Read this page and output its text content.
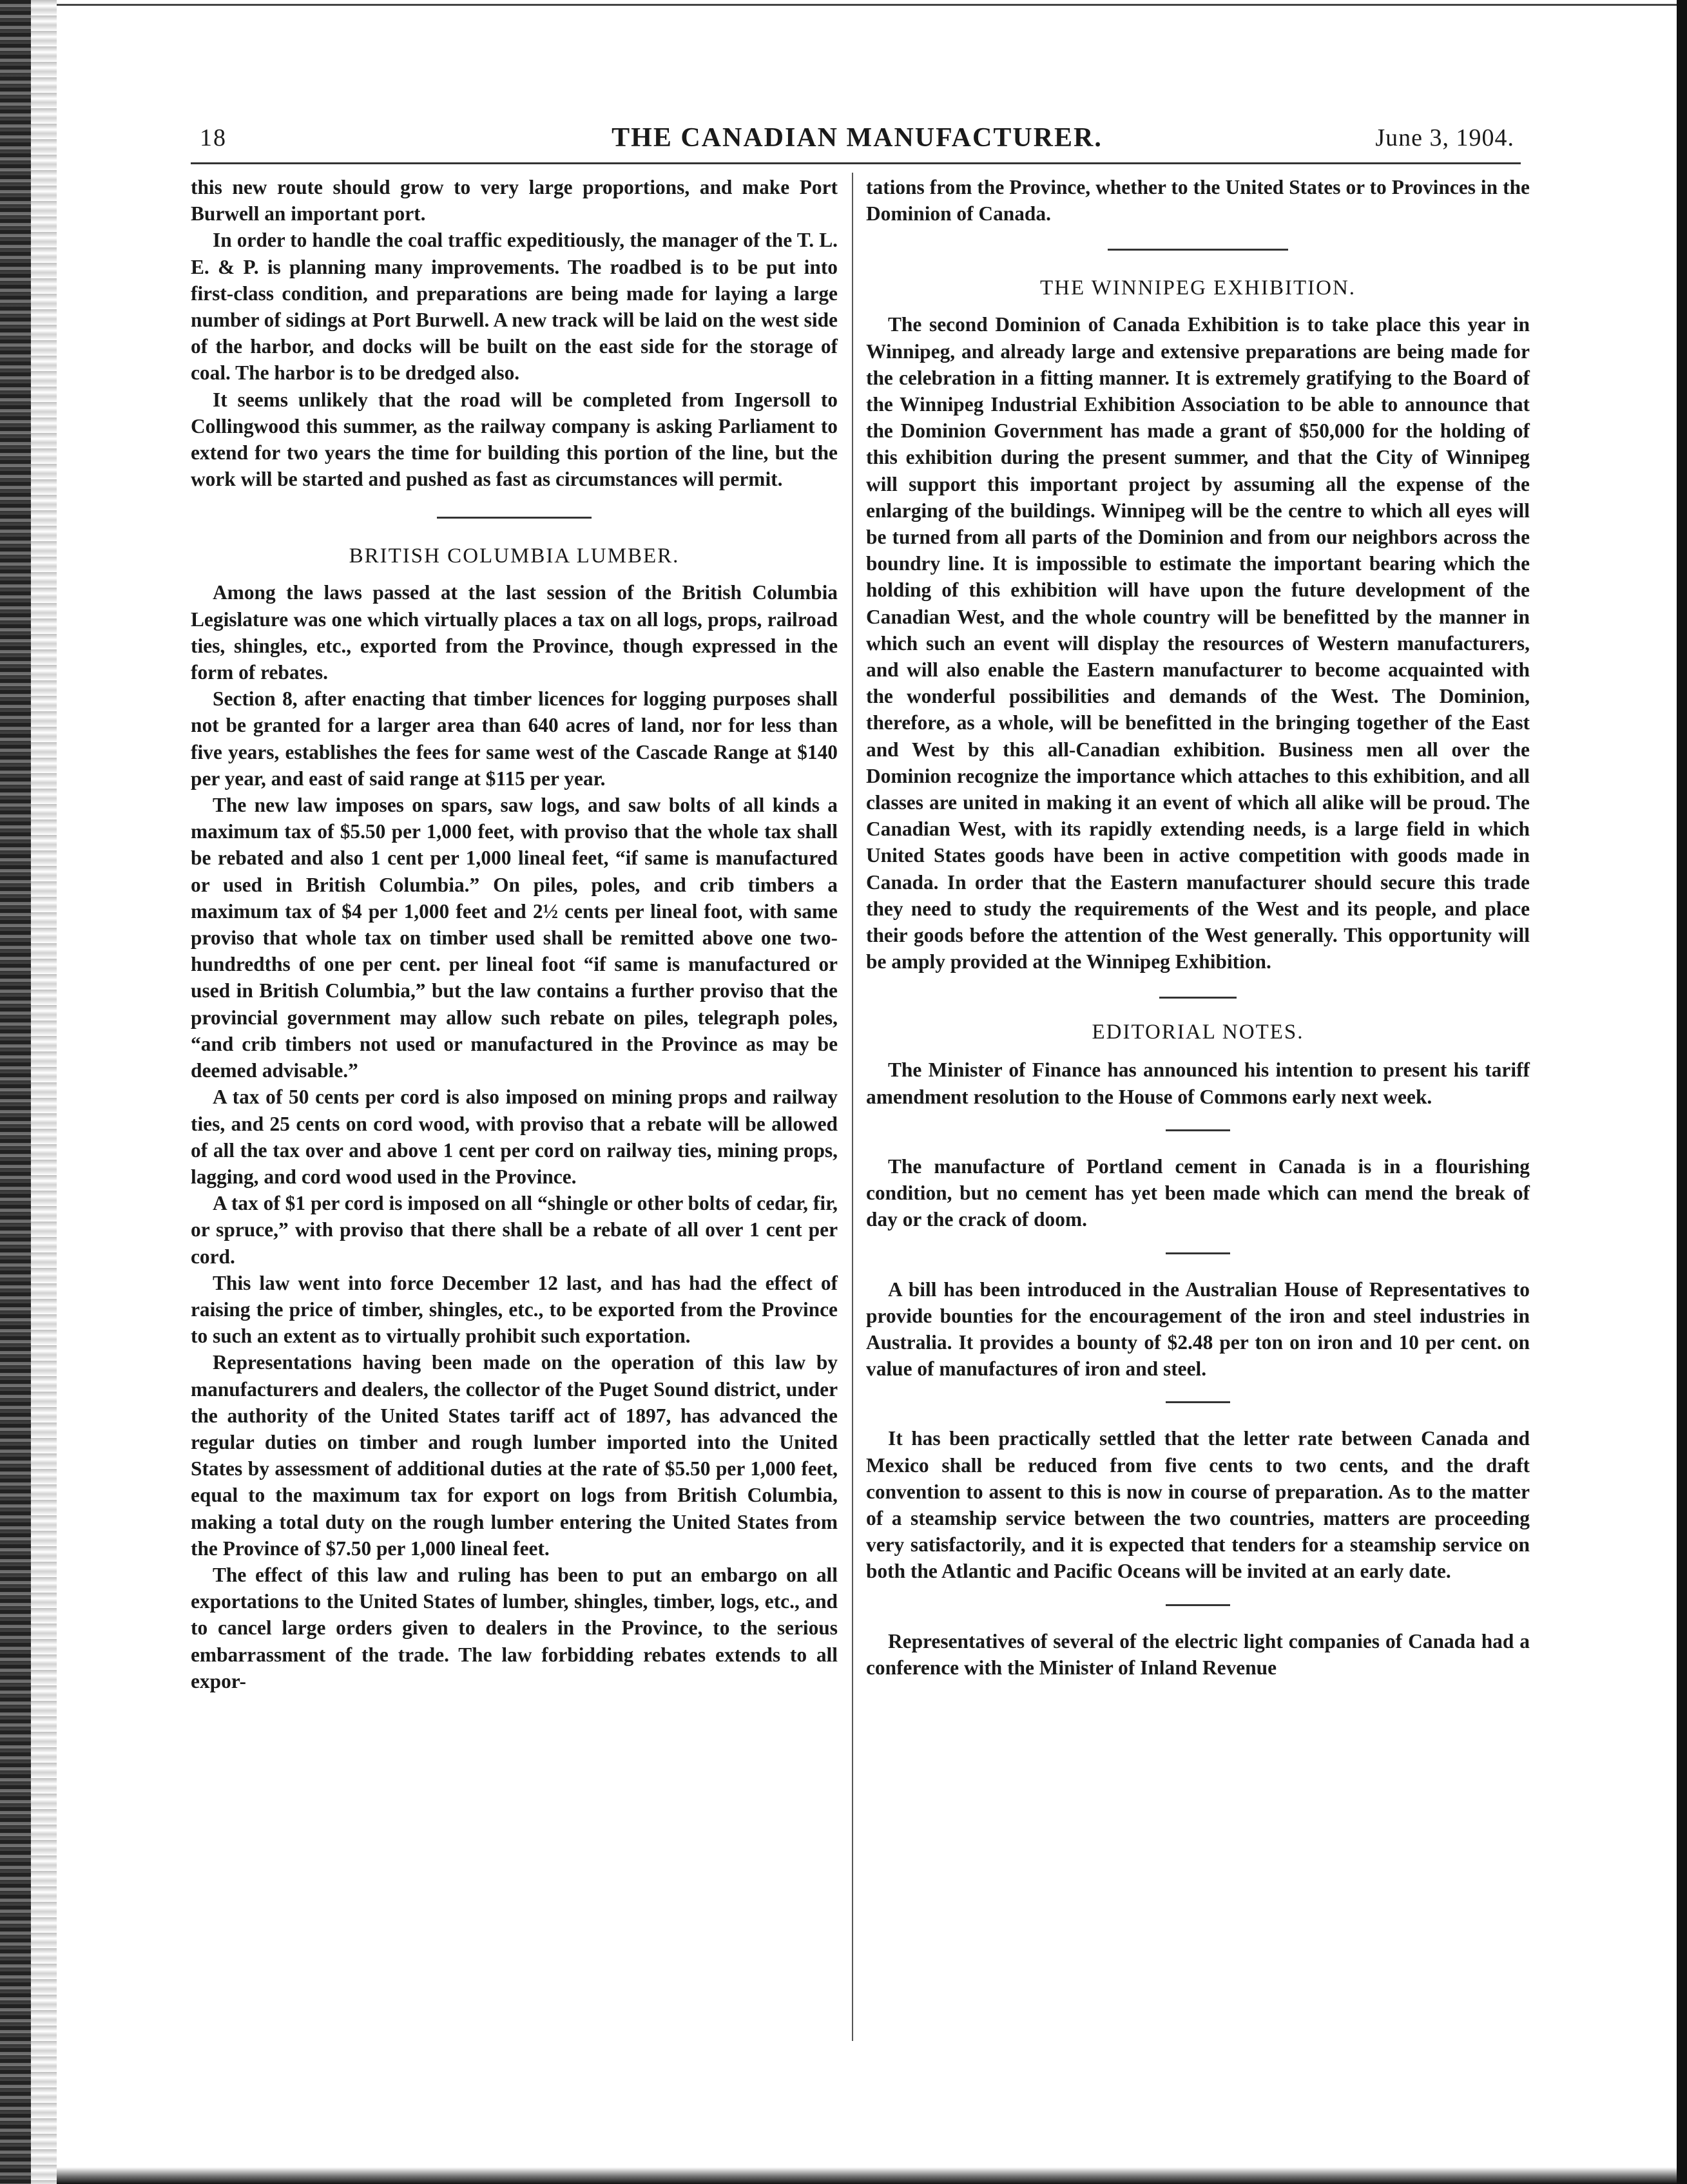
18	THE CANADIAN MANUFACTURER.	June 3, 1904.

this new route should grow to very large proportions, and make Port Burwell an important port.

In order to handle the coal traffic expeditiously, the manager of the T. L. E. & P. is planning many improvements. The roadbed is to be put into first-class condition, and preparations are being made for laying a large number of sidings at Port Burwell. A new track will be laid on the west side of the harbor, and docks will be built on the east side for the storage of coal. The harbor is to be dredged also.

It seems unlikely that the road will be completed from Ingersoll to Collingwood this summer, as the railway company is asking Parliament to extend for two years the time for building this portion of the line, but the work will be started and pushed as fast as circumstances will permit.

BRITISH COLUMBIA LUMBER.

Among the laws passed at the last session of the British Columbia Legislature was one which virtually places a tax on all logs, props, railroad ties, shingles, etc., exported from the Province, though expressed in the form of rebates.

Section 8, after enacting that timber licences for logging purposes shall not be granted for a larger area than 640 acres of land, nor for less than five years, establishes the fees for same west of the Cascade Range at $140 per year, and east of said range at $115 per year.

The new law imposes on spars, saw logs, and saw bolts of all kinds a maximum tax of $5.50 per 1,000 feet, with proviso that the whole tax shall be rebated and also 1 cent per 1,000 lineal feet, “if same is manufactured or used in British Columbia.” On piles, poles, and crib timbers a maximum tax of $4 per 1,000 feet and 2½ cents per lineal foot, with same proviso that whole tax on timber used shall be remitted above one two-hundredths of one per cent. per lineal foot “if same is manufactured or used in British Columbia,” but the law contains a further proviso that the provincial government may allow such rebate on piles, telegraph poles, “and crib timbers not used or manufactured in the Province as may be deemed advisable.”

A tax of 50 cents per cord is also imposed on mining props and railway ties, and 25 cents on cord wood, with proviso that a rebate will be allowed of all the tax over and above 1 cent per cord on railway ties, mining props, lagging, and cord wood used in the Province.

A tax of $1 per cord is imposed on all “shingle or other bolts of cedar, fir, or spruce,” with proviso that there shall be a rebate of all over 1 cent per cord.

This law went into force December 12 last, and has had the effect of raising the price of timber, shingles, etc., to be exported from the Province to such an extent as to virtually prohibit such exportation.

Representations having been made on the operation of this law by manufacturers and dealers, the collector of the Puget Sound district, under the authority of the United States tariff act of 1897, has advanced the regular duties on timber and rough lumber imported into the United States by assessment of additional duties at the rate of $5.50 per 1,000 feet, equal to the maximum tax for export on logs from British Columbia, making a total duty on the rough lumber entering the United States from the Province of $7.50 per 1,000 lineal feet.

The effect of this law and ruling has been to put an embargo on all exportations to the United States of lumber, shingles, timber, logs, etc., and to cancel large orders given to dealers in the Province, to the serious embarrassment of the trade. The law forbidding rebates extends to all expor-

tations from the Province, whether to the United States or to Provinces in the Dominion of Canada.

THE WINNIPEG EXHIBITION.

The second Dominion of Canada Exhibition is to take place this year in Winnipeg, and already large and extensive preparations are being made for the celebration in a fitting manner. It is extremely gratifying to the Board of the Winnipeg Industrial Exhibition Association to be able to announce that the Dominion Government has made a grant of $50,000 for the holding of this exhibition during the present summer, and that the City of Winnipeg will support this important project by assuming all the expense of the enlarging of the buildings. Winnipeg will be the centre to which all eyes will be turned from all parts of the Dominion and from our neighbors across the boundry line. It is impossible to estimate the important bearing which the holding of this exhibition will have upon the future development of the Canadian West, and the whole country will be benefitted by the manner in which such an event will display the resources of Western manufacturers, and will also enable the Eastern manufacturer to become acquainted with the wonderful possibilities and demands of the West. The Dominion, therefore, as a whole, will be benefitted in the bringing together of the East and West by this all-Canadian exhibition. Business men all over the Dominion recognize the importance which attaches to this exhibition, and all classes are united in making it an event of which all alike will be proud. The Canadian West, with its rapidly extending needs, is a large field in which United States goods have been in active competition with goods made in Canada. In order that the Eastern manufacturer should secure this trade they need to study the requirements of the West and its people, and place their goods before the attention of the West generally. This opportunity will be amply provided at the Winnipeg Exhibition.

EDITORIAL NOTES.

The Minister of Finance has announced his intention to present his tariff amendment resolution to the House of Commons early next week.

The manufacture of Portland cement in Canada is in a flourishing condition, but no cement has yet been made which can mend the break of day or the crack of doom.

A bill has been introduced in the Australian House of Representatives to provide bounties for the encouragement of the iron and steel industries in Australia. It provides a bounty of $2.48 per ton on iron and 10 per cent. on value of manufactures of iron and steel.

It has been practically settled that the letter rate between Canada and Mexico shall be reduced from five cents to two cents, and the draft convention to assent to this is now in course of preparation. As to the matter of a steamship service between the two countries, matters are proceeding very satisfactorily, and it is expected that tenders for a steamship service on both the Atlantic and Pacific Oceans will be invited at an early date.

Representatives of several of the electric light companies of Canada had a conference with the Minister of Inland Revenue
